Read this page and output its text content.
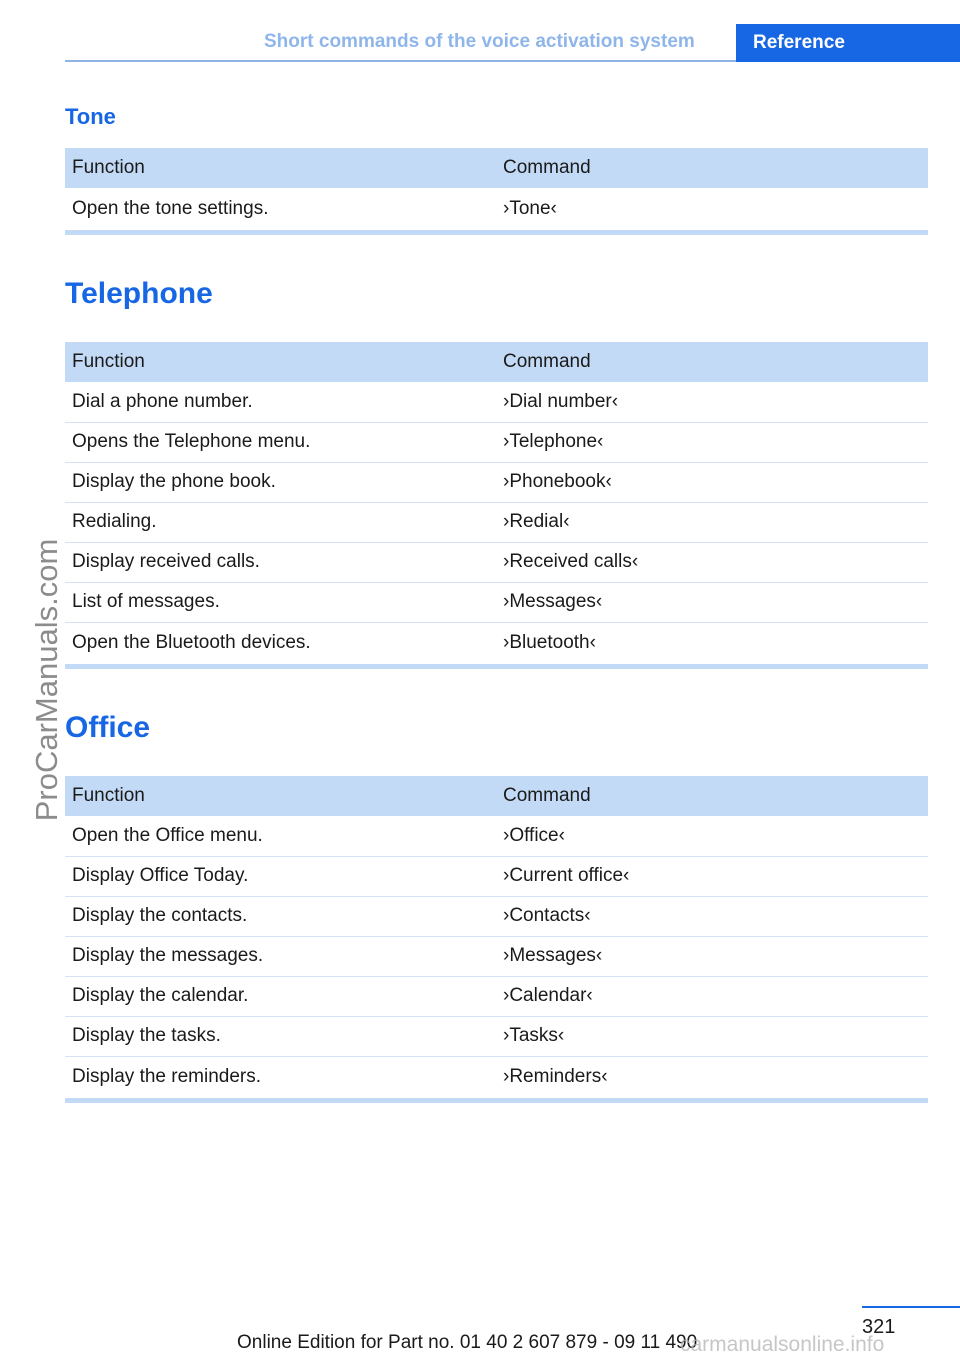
Short commands of the voice activation system	Reference
ProCarManuals.com
Tone
Function	Command
Open the tone settings.	›Tone‹
Telephone
Function	Command
Dial a phone number.	›Dial number‹
Opens the Telephone menu.	›Telephone‹
Display the phone book.	›Phonebook‹
Redialing.	›Redial‹
Display received calls.	›Received calls‹
List of messages.	›Messages‹
Open the Bluetooth devices.	›Bluetooth‹
Office
Function	Command
Open the Office menu.	›Office‹
Display Office Today.	›Current office‹
Display the contacts.	›Contacts‹
Display the messages.	›Messages‹
Display the calendar.	›Calendar‹
Display the tasks.	›Tasks‹
Display the reminders.	›Reminders‹
321
Online Edition for Part no. 01 40 2 607 879 - 09 11 490
carmanualsonline.info
